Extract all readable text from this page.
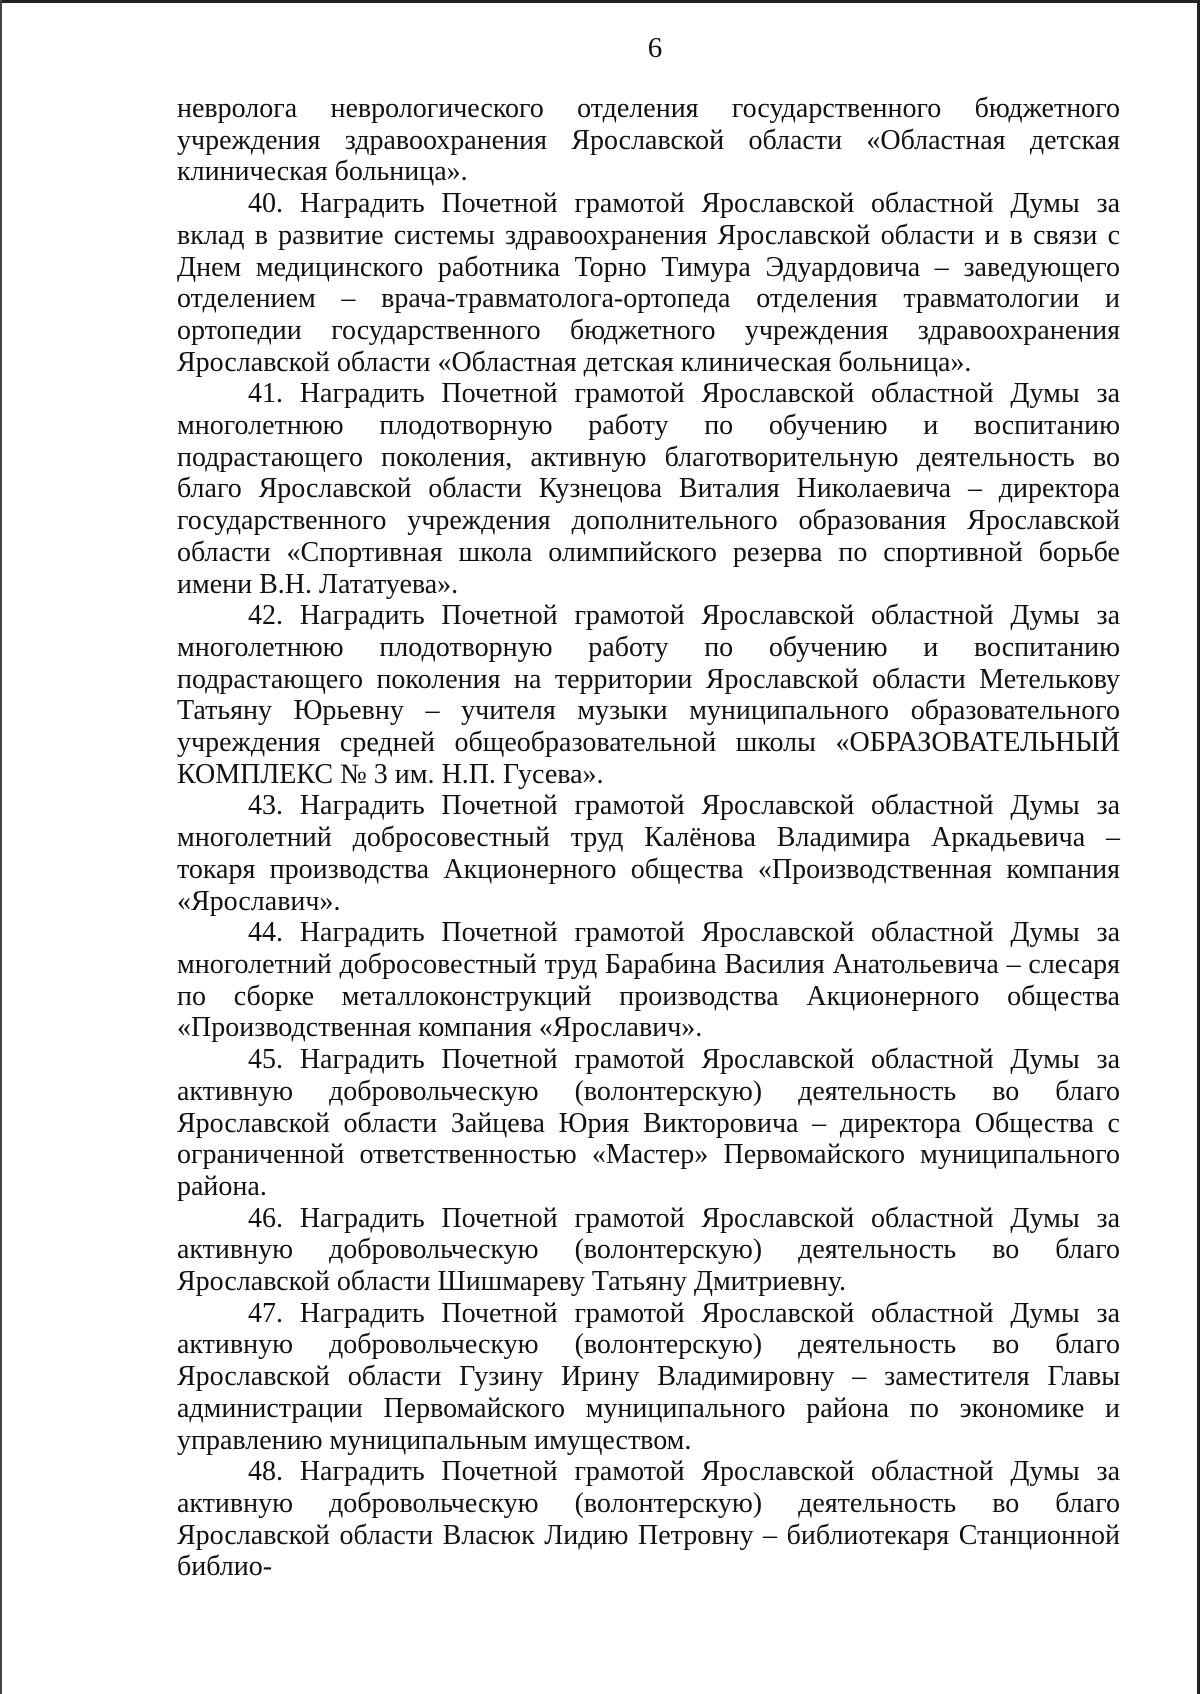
6

невролога неврологического отделения государственного бюджетного учреждения здравоохранения Ярославской области «Областная детская клиническая больница».

40. Наградить Почетной грамотой Ярославской областной Думы за вклад в развитие системы здравоохранения Ярославской области и в связи с Днем медицинского работника Торно Тимура Эдуардовича – заведующего отделением – врача-травматолога-ортопеда отделения травматологии и ортопедии государственного бюджетного учреждения здравоохранения Ярославской области «Областная детская клиническая больница».

41. Наградить Почетной грамотой Ярославской областной Думы за многолетнюю плодотворную работу по обучению и воспитанию подрастающего поколения, активную благотворительную деятельность во благо Ярославской области Кузнецова Виталия Николаевича – директора государственного учреждения дополнительного образования Ярославской области «Спортивная школа олимпийского резерва по спортивной борьбе имени В.Н. Лататуева».

42. Наградить Почетной грамотой Ярославской областной Думы за многолетнюю плодотворную работу по обучению и воспитанию подрастающего поколения на территории Ярославской области Метелькову Татьяну Юрьевну – учителя музыки муниципального образовательного учреждения средней общеобразовательной школы «ОБРАЗОВАТЕЛЬНЫЙ КОМПЛЕКС № 3 им. Н.П. Гусева».

43. Наградить Почетной грамотой Ярославской областной Думы за многолетний добросовестный труд Калёнова Владимира Аркадьевича – токаря производства Акционерного общества «Производственная компания «Ярославич».

44. Наградить Почетной грамотой Ярославской областной Думы за многолетний добросовестный труд Барабина Василия Анатольевича – слесаря по сборке металлоконструкций производства Акционерного общества «Производственная компания «Ярославич».

45. Наградить Почетной грамотой Ярославской областной Думы за активную добровольческую (волонтерскую) деятельность во благо Ярославской области Зайцева Юрия Викторовича – директора Общества с ограниченной ответственностью «Мастер» Первомайского муниципального района.

46. Наградить Почетной грамотой Ярославской областной Думы за активную добровольческую (волонтерскую) деятельность во благо Ярославской области Шишмареву Татьяну Дмитриевну.

47. Наградить Почетной грамотой Ярославской областной Думы за активную добровольческую (волонтерскую) деятельность во благо Ярославской области Гузину Ирину Владимировну – заместителя Главы администрации Первомайского муниципального района по экономике и управлению муниципальным имуществом.

48. Наградить Почетной грамотой Ярославской областной Думы за активную добровольческую (волонтерскую) деятельность во благо Ярославской области Власюк Лидию Петровну – библиотекаря Станционной библио-
